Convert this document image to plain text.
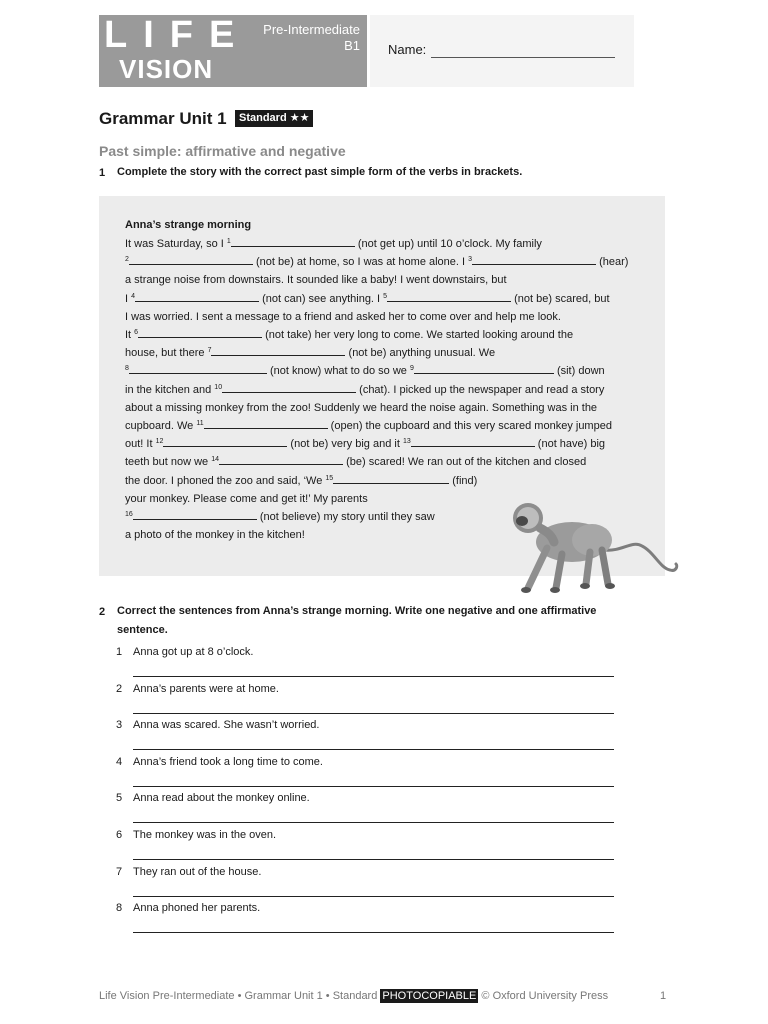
LIFE
VISION
Pre-Intermediate
B1 Name:
Grammar Unit 1	Standard ★★
Past simple: affirmative and negative
1 Complete the story with the correct past simple form of the verbs in brackets.
Anna’s strange morning

It was Saturday, so I $^1$	(not get up) until 10 o’clock. My family

$^2$	(not be) at home, so I was at home alone. I $^3$	(hear)

a strange noise from downstairs. It sounded like a baby! I went downstairs, but

I $^4$	(not can) see anything. I $^5$	(not be) scared, but

I was worried. I sent a message to a friend and asked her to come over and help me look.

It $^6$	(not take) her very long to come. We started looking around the

house, but there $^7$	(not be) anything unusual. We

$^8$	(not know) what to do so we $^9$	(sit) down

in the kitchen and $^{10}$	(chat). I picked up the newspaper and read a story

about a missing monkey from the zoo! Suddenly we heard the noise again. Something was in the

cupboard. We $^{11}$	(open) the cupboard and this very scared monkey jumped

out! It $^{12}$	(not be) very big and it $^{13}$	(not have) big

teeth but now we $^{14}$	(be) scared! We ran out of the kitchen and closed

the door. I phoned the zoo and said, ‘We $^{15}$	(find)

your monkey. Please come and get it!’ My parents

$^{16}$	(not believe) my story until they saw

a photo of the monkey in the kitchen!

2 Correct the sentences from Anna’s strange morning. Write one negative and one affirmative
sentence.
1 Anna got up at 8 o’clock.
2 Anna’s parents were at home.
3 Anna was scared. She wasn’t worried.
4 Anna’s friend took a long time to come.
5 Anna read about the monkey online.
6 The monkey was in the oven.
7 They ran out of the house.
8 Anna phoned her parents.
Life Vision Pre-Intermediate • Grammar Unit 1 • Standard PHOTOCOPIABLE © Oxford University Press	1
